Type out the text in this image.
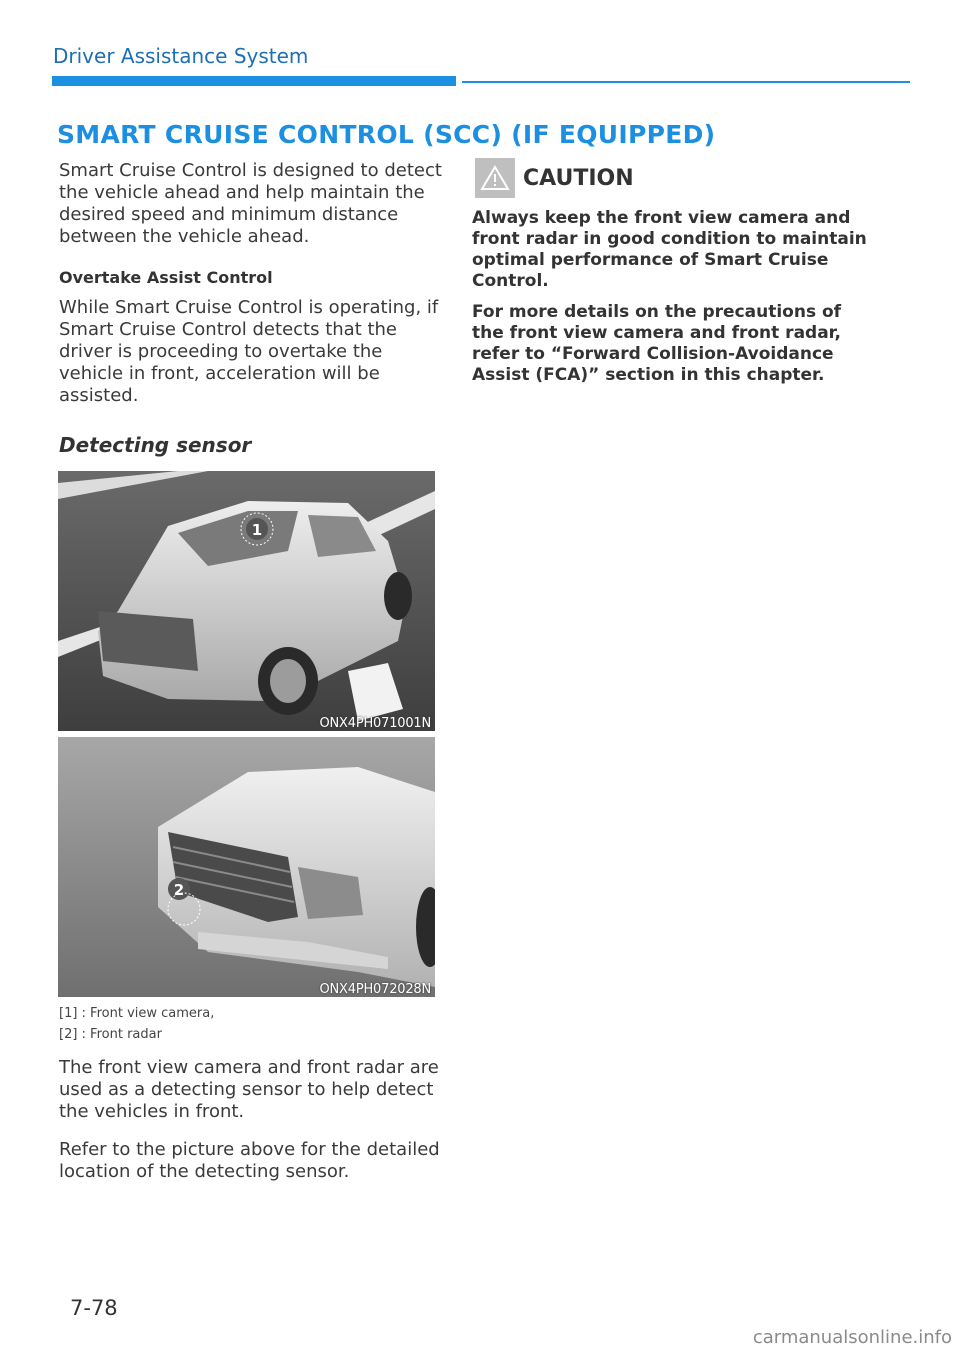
Driver Assistance System
SMART CRUISE CONTROL (SCC) (IF EQUIPPED)

Smart Cruise Control is designed to detect the vehicle ahead and help maintain the desired speed and minimum distance between the vehicle ahead.

Overtake Assist Control

While Smart Cruise Control is operating, if Smart Cruise Control detects that the driver is proceeding to overtake the vehicle in front, acceleration will be assisted.

Detecting sensor
1
ONX4PH071001N
2
ONX4PH072028N
[1] : Front view camera,
[2] : Front radar

The front view camera and front radar are used as a detecting sensor to help detect the vehicles in front.

Refer to the picture above for the detailed location of the detecting sensor.

CAUTION

Always keep the front view camera and front radar in good condition to maintain optimal performance of Smart Cruise Control.

For more details on the precautions of the front view camera and front radar, refer to “Forward Collision-Avoidance Assist (FCA)” section in this chapter.

7-78
carmanualsonline.info
